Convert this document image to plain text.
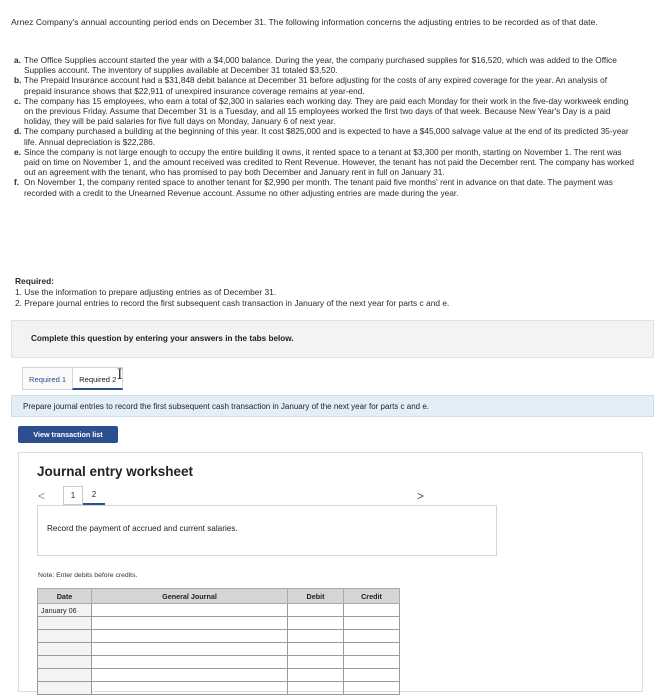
Arnez Company's annual accounting period ends on December 31. The following information concerns the adjusting entries to be recorded as of that date.
a. The Office Supplies account started the year with a $4,000 balance. During the year, the company purchased supplies for $16,520, which was added to the Office Supplies account. The inventory of supplies available at December 31 totaled $3,520.
b. The Prepaid Insurance account had a $31,848 debit balance at December 31 before adjusting for the costs of any expired coverage for the year. An analysis of prepaid insurance shows that $22,911 of unexpired insurance coverage remains at year-end.
c. The company has 15 employees, who earn a total of $2,300 in salaries each working day. They are paid each Monday for their work in the five-day workweek ending on the previous Friday. Assume that December 31 is a Tuesday, and all 15 employees worked the first two days of that week. Because New Year's Day is a paid holiday, they will be paid salaries for five full days on Monday, January 6 of next year.
d. The company purchased a building at the beginning of this year. It cost $825,000 and is expected to have a $45,000 salvage value at the end of its predicted 35-year life. Annual depreciation is $22,286.
e. Since the company is not large enough to occupy the entire building it owns, it rented space to a tenant at $3,300 per month, starting on November 1. The rent was paid on time on November 1, and the amount received was credited to Rent Revenue. However, the tenant has not paid the December rent. The company has worked out an agreement with the tenant, who has promised to pay both December and January rent in full on January 31.
f. On November 1, the company rented space to another tenant for $2,990 per month. The tenant paid five months' rent in advance on that date. The payment was recorded with a credit to the Unearned Revenue account. Assume no other adjusting entries are made during the year.
Required:
1. Use the information to prepare adjusting entries as of December 31.
2. Prepare journal entries to record the first subsequent cash transaction in January of the next year for parts c and e.
Complete this question by entering your answers in the tabs below.
Required 1	Required 2 I
Prepare journal entries to record the first subsequent cash transaction in January of the next year for parts c and e.
View transaction list
Journal entry worksheet
<	1	2	>
Record the payment of accrued and current salaries.
Note: Enter debits before credits.
Date	General Journal	Debit	Credit
January 06			
